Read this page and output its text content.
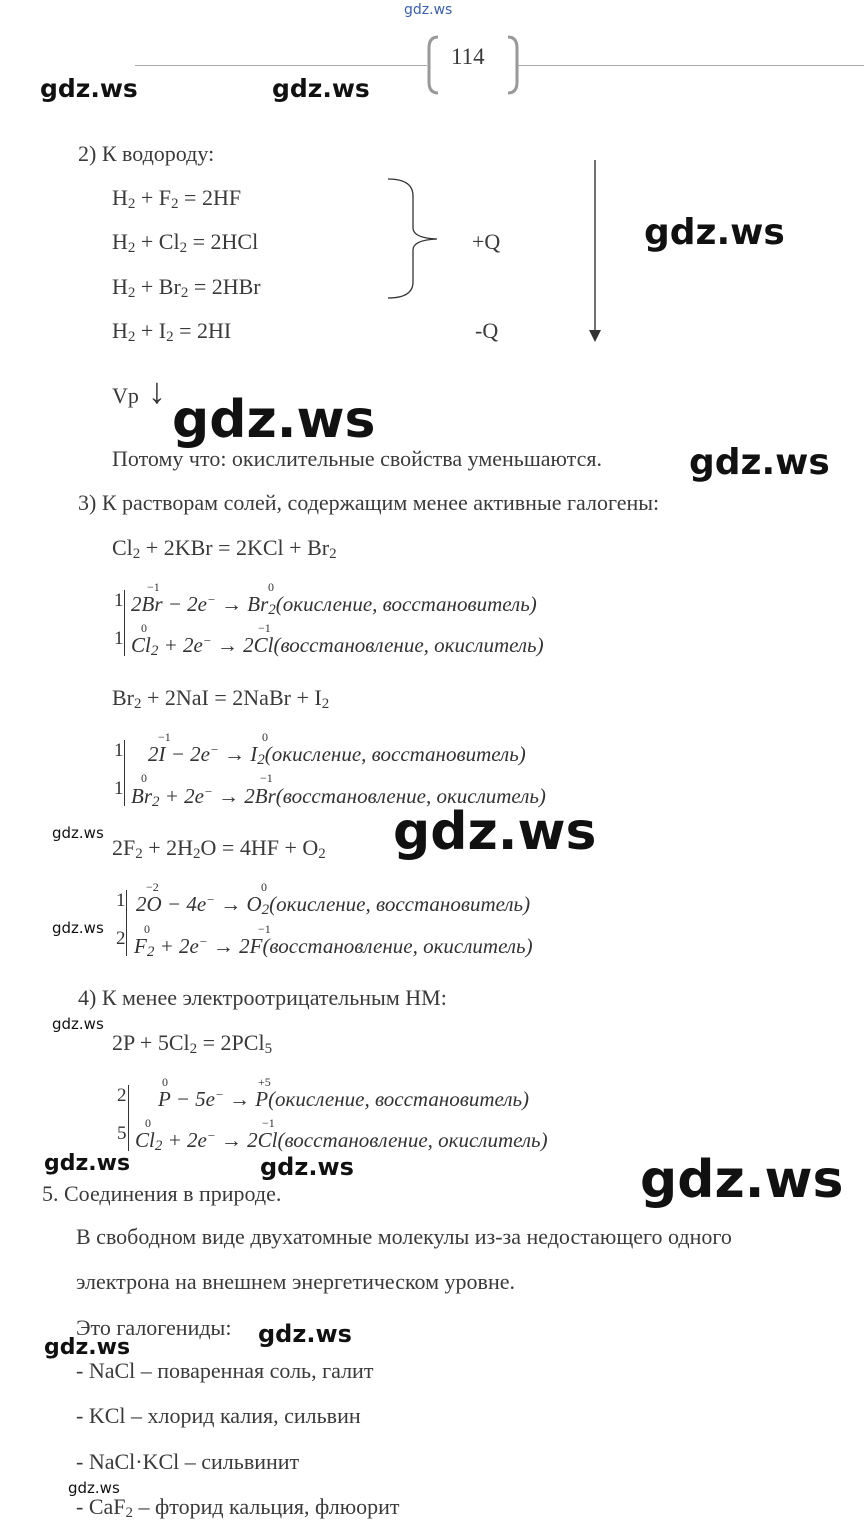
gdz.ws
114
gdz.ws	gdz.ws
2) К водороду:
$H_2 + F_2 = 2HF$
$H_2 + Cl_2 = 2HCl$
$H_2 + Br_2 = 2HBr$
$H_2 + I_2 = 2HI$
+Q
-Q
gdz.ws
Vp ↓ gdz.ws
Потому что: окислительные свойства уменьшаются. gdz.ws
3) К растворам солей, содержащим менее активные галогены:
$Cl_2 + 2KBr = 2KCl + Br_2$
1
1
−1	0
$2Br - 2e^- \to Br_2(окисление$, восстановитель)
0	−1
$Cl_2 + 2e^-$ → 2Cl(восстановление, окислитель)
$Br_2 + 2NaI$ = 2NaBr + $I_2$
1
1
−1	0
$2I - 2e^- \to I_2(окисление$, восстановитель)
0	−1
$Br_2 + 2e^-$ → 2Br(восстановление, окислитель)
gdz.ws	gdz.ws
$2F_2 + 2H_2O = 4HF + O_2$
1
2
gdz.ws
−2	0
$2O - 4e^- \to O_2(окисление$, восстановитель)
0	−1
$F_2 + 2e^-$ → 2F(восстановление, окислитель)
4) К менее электроотрицательным НМ:
gdz.ws
$2P + 5Cl_2 = 2PCl_5$
2
5
0	+5
P − 5e− → P(окисление, восстановитель)
0	−1
$Cl_2 + 2e^-$ → 2Cl(восстановление, окислитель)
gdz.ws	gdz.ws	gdz.ws
5. Соединения в природе.
В свободном виде двухатомные молекулы из-за недостающего одного
электрона на внешнем энергетическом уровне.
Это галогениды: gdz.ws
gdz.ws
- NaCl – поваренная соль, галит
- KCl – хлорид калия, сильвин
- NaCl·KCl – сильвинит
gdz.ws
- CaF$_2$ – фторид кальция, флюорит
